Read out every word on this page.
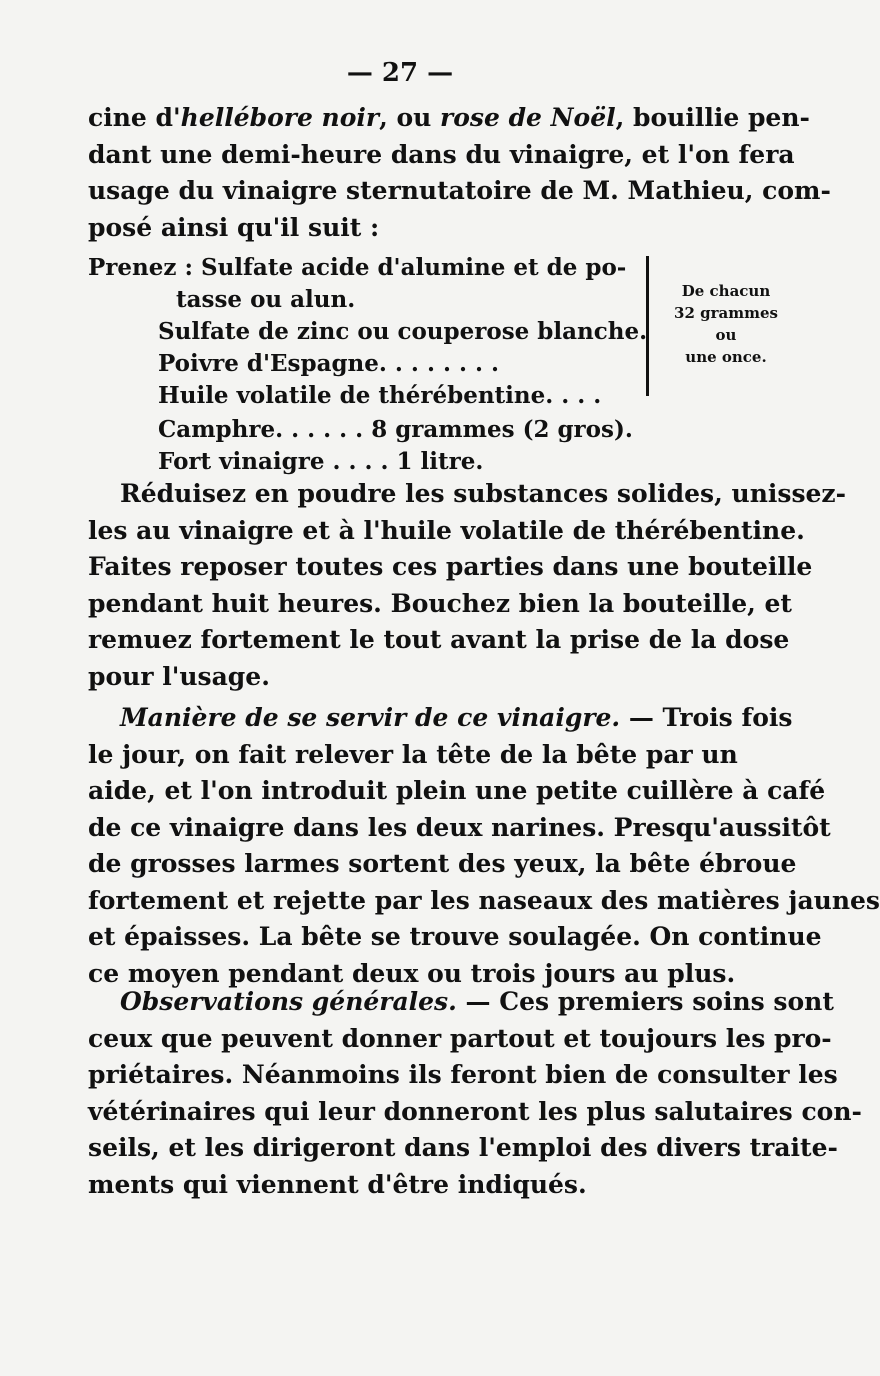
— 27 —
cine d'hellébore noir, ou rose de Noël, bouillie pen-
dant une demi-heure dans du vinaigre, et l'on fera
usage du vinaigre sternutatoire de M. Mathieu, com-
posé ainsi qu'il suit :
Prenez : Sulfate acide d'alumine et de po-
tasse ou alun.
Sulfate de zinc ou couperose blanche.
Poivre d'Espagne. . . . . . . .
Huile volatile de thérébentine. . . .
Camphre. . . . . . 8 grammes (2 gros).
Fort vinaigre . . . . 1 litre.
De chacun
32 grammes
ou
une once.
Réduisez en poudre les substances solides, unissez-
les au vinaigre et à l'huile volatile de thérébentine.
Faites reposer toutes ces parties dans une bouteille
pendant huit heures. Bouchez bien la bouteille, et
remuez fortement le tout avant la prise de la dose
pour l'usage.
Manière de se servir de ce vinaigre. — Trois fois
le jour, on fait relever la tête de la bête par un
aide, et l'on introduit plein une petite cuillère à café
de ce vinaigre dans les deux narines. Presqu'aussitôt
de grosses larmes sortent des yeux, la bête ébroue
fortement et rejette par les naseaux des matières jaunes
et épaisses. La bête se trouve soulagée. On continue
ce moyen pendant deux ou trois jours au plus.
Observations générales. — Ces premiers soins sont
ceux que peuvent donner partout et toujours les pro-
priétaires. Néanmoins ils feront bien de consulter les
vétérinaires qui leur donneront les plus salutaires con-
seils, et les dirigeront dans l'emploi des divers traite-
ments qui viennent d'être indiqués.
